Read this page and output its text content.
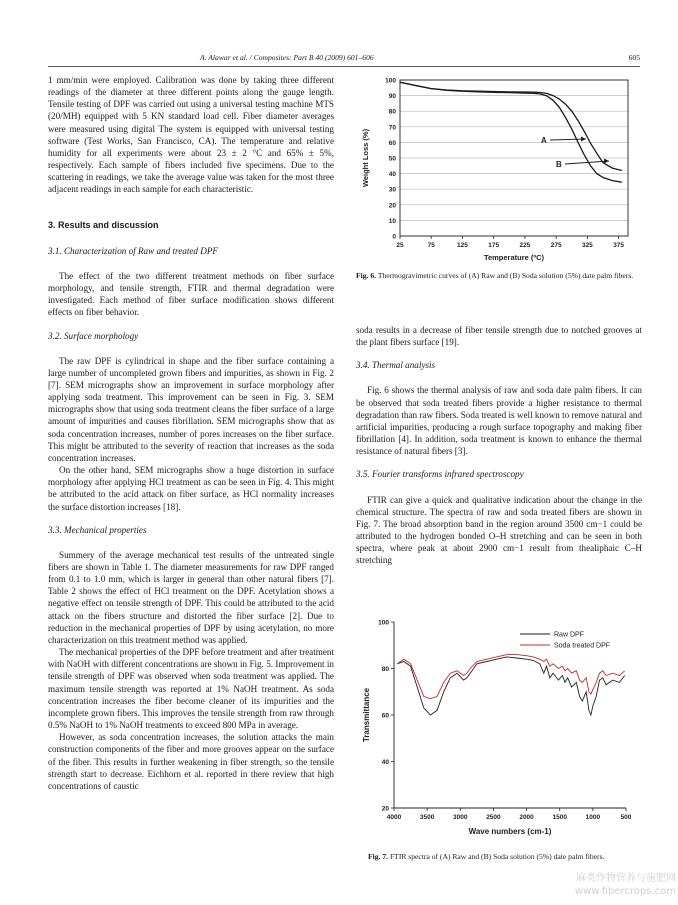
A. Alawar et al. / Composites: Part B 40 (2009) 601–606	605

1 mm/min were employed. Calibration was done by taking three different readings of the diameter at three different points along the gauge length. Tensile testing of DPF was carried out using a universal testing machine MTS (20/MH) equipped with 5 KN standard load cell. Fiber diameter averages were measured using digital The system is equipped with universal testing software (Test Works, San Francisco, CA). The temperature and relative humidity for all experiments were about 23 ± 2 °C and 65% ± 5%, respectively. Each sample of fibers included five specimens. Due to the scattering in readings, we take the average value was taken for the most three adjacent readings in each sample for each characteristic.

3. Results and discussion

3.1. Characterization of Raw and treated DPF

The effect of the two different treatment methods on fiber surface morphology, and tensile strength, FTIR and thermal degradation were investigated. Each method of fiber surface modification shows different effects on fiber behavior.

3.2. Surface morphology

The raw DPF is cylindrical in shape and the fiber surface containing a large number of uncompleted grown fibers and impurities, as shown in Fig. 2 [7]. SEM micrographs show an improvement in surface morphology after applying soda treatment. This improvement can be seen in Fig. 3. SEM micrographs show that using soda treatment cleans the fiber surface of a large amount of impurities and causes fibrillation. SEM micrographs show that as soda concentration increases, number of pores increases on the fiber surface. This might be attributed to the severity of reaction that increases as the soda concentration increases.

On the other hand, SEM micrographs show a huge distortion in surface morphology after applying HCl treatment as can be seen in Fig. 4. This might be attributed to the acid attack on fiber surface, as HCl normality increases the surface distortion increases [18].

3.3. Mechanical properties

Summery of the average mechanical test results of the untreated single fibers are shown in Table 1. The diameter measurements for raw DPF ranged from 0.1 to 1.0 mm, which is larger in general than other natural fibers [7]. Table 2 shows the effect of HCl treatment on the DPF. Acetylation shows a negative effect on tensile strength of DPF. This could be attributed to the acid attack on the fibers structure and distorted the fiber surface [2]. Due to reduction in the mechanical properties of DPF by using acetylation, no more characterization on this treatment method was applied.

The mechanical properties of the DPF before treatment and after treatment with NaOH with different concentrations are shown in Fig. 5. Improvement in tensile strength of DPF was observed when soda treatment was applied. The maximum tensile strength was reported at 1% NaOH treatment. As soda concentration increases the fiber become cleaner of its impurities and the incomplete grown fibers. This improves the tensile strength from raw through 0.5% NaOH to 1% NaOH treatments to exceed 800 MPa in average.

However, as soda concentration increases, the solution attacks the main construction components of the fiber and more grooves appear on the surface of the fiber. This results in further weakening in fiber strength, so the tensile strength start to decrease. Eichhorn et al. reported in there review that high concentrations of caustic

0
10
20
30
40
50
60
70
80
90
100
25	75	125	175	225	275	325	375
A
B
Temperature (ºC)
Weight Loss (%)
Fig. 6. Thermogravimetric curves of (A) Raw and (B) Soda solution (5%) date palm fibers.

soda results in a decrease of fiber tensile strength due to notched grooves at the plant fibers surface [19].

3.4. Thermal analysis

Fig. 6 shows the thermal analysis of raw and soda date palm fibers. It can be observed that soda treated fibers provide a higher resistance to thermal degradation than raw fibers. Soda treated is well known to remove natural and artificial impurities, producing a rough surface topography and making fiber fibrillation [4]. In addition, soda treatment is known to enhance the thermal resistance of natural fibers [3].

3.5. Fourier transforms infrared spectroscopy

FTIR can give a quick and qualitative indication about the change in the chemical structure. The spectra of raw and soda treated fibers are shown in Fig. 7. The broad absorption band in the region around 3500 cm−1 could be attributed to the hydrogen bonded O–H stretching and can be seen in both spectra, where peak at about 2900 cm−1 result from thealiphaic C–H stretching

20
40
60
80
100
4000	3500	3000	2500	2000	1500	1000	500
Raw DPF
Soda treated DPF
Wave numbers (cm-1)
Transmittance
Fig. 7. FTIR spectra of (A) Raw and (B) Soda solution (5%) date palm fibers.
麻类作物营养与施肥网
www.fibercrops.com
